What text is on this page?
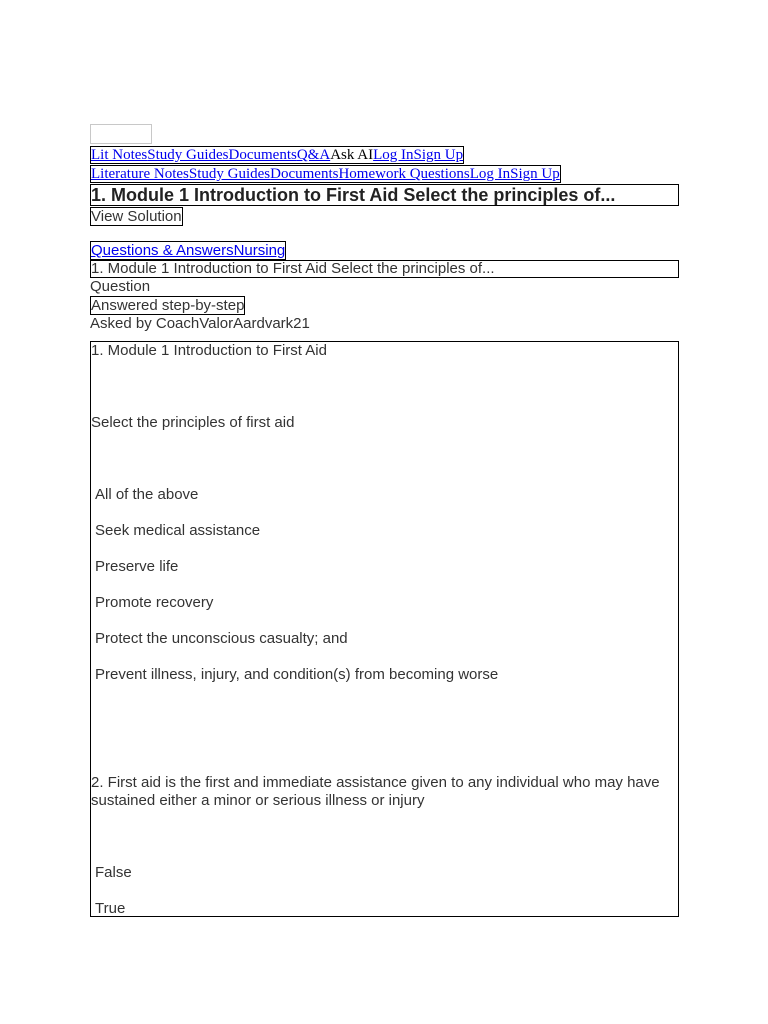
Lit NotesStudy GuidesDocumentsQ&AAsk AILog InSign Up
Literature NotesStudy GuidesDocumentsHomework QuestionsLog InSign Up
1. Module 1 Introduction to First Aid Select the principles of...
View Solution
Questions & AnswersNursing
1. Module 1 Introduction to First Aid Select the principles of...
Question
Answered step-by-step
Asked by CoachValorAardvark21
1. Module 1 Introduction to First Aid
Select the principles of first aid
All of the above
Seek medical assistance
Preserve life
Promote recovery
Protect the unconscious casualty; and
Prevent illness, injury, and condition(s) from becoming worse
2. First aid is the first and immediate assistance given to any individual who may have sustained either a minor or serious illness or injury
False
True
